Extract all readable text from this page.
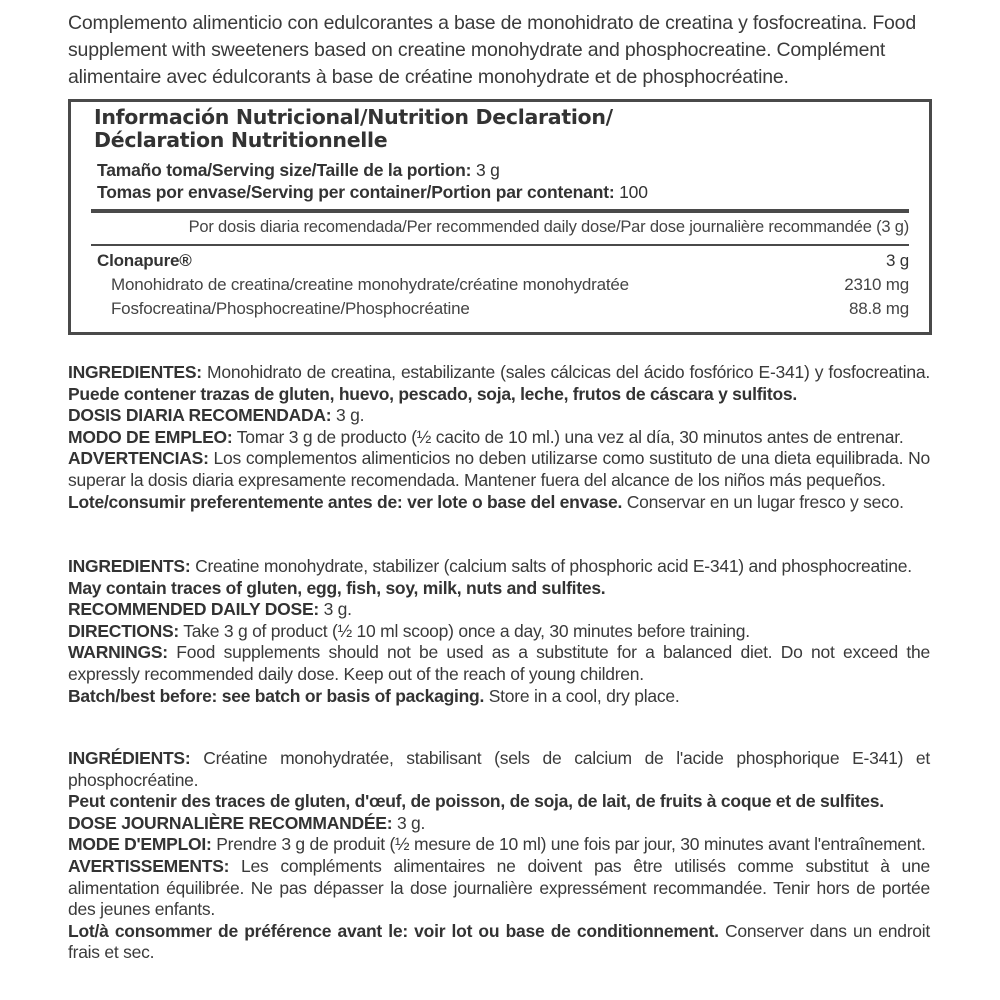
Complemento alimenticio con edulcorantes a base de monohidrato de creatina y fosfocreatina. Food supplement with sweeteners based on creatine monohydrate and phosphocreatine. Complément alimentaire avec édulcorants à base de créatine monohydrate et de phosphocréatine.
Información Nutricional/Nutrition Declaration/
Déclaration Nutritionnelle
Tamaño toma/Serving size/Taille de la portion: 3 g
Tomas por envase/Serving per container/Portion par contenant: 100
Por dosis diaria recomendada/Per recommended daily dose/Par dose journalière recommandée (3 g)
Clonapure®	3 g
Monohidrato de creatina/creatine monohydrate/créatine monohydratée	2310 mg
Fosfocreatina/Phosphocreatine/Phosphocréatine	88.8 mg

INGREDIENTES: Monohidrato de creatina, estabilizante (sales cálcicas del ácido fosfórico E-341) y fosfocreatina. Puede contener trazas de gluten, huevo, pescado, soja, leche, frutos de cáscara y sulfitos.

DOSIS DIARIA RECOMENDADA: 3 g.

MODO DE EMPLEO: Tomar 3 g de producto (½ cacito de 10 ml.) una vez al día, 30 minutos antes de entrenar.

ADVERTENCIAS: Los complementos alimenticios no deben utilizarse como sustituto de una dieta equilibrada. No superar la dosis diaria expresamente recomendada. Mantener fuera del alcance de los niños más pequeños.

Lote/consumir preferentemente antes de: ver lote o base del envase. Conservar en un lugar fresco y seco.

INGREDIENTS: Creatine monohydrate, stabilizer (calcium salts of phosphoric acid E-341) and phosphocreatine.

May contain traces of gluten, egg, fish, soy, milk, nuts and sulfites.

RECOMMENDED DAILY DOSE: 3 g.

DIRECTIONS: Take 3 g of product (½ 10 ml scoop) once a day, 30 minutes before training.

WARNINGS: Food supplements should not be used as a substitute for a balanced diet. Do not exceed the expressly recommended daily dose. Keep out of the reach of young children.

Batch/best before: see batch or basis of packaging. Store in a cool, dry place.

INGRÉDIENTS: Créatine monohydratée, stabilisant (sels de calcium de l'acide phosphorique E-341) et phosphocréatine.

Peut contenir des traces de gluten, d'œuf, de poisson, de soja, de lait, de fruits à coque et de sulfites.

DOSE JOURNALIÈRE RECOMMANDÉE: 3 g.

MODE D'EMPLOI: Prendre 3 g de produit (½ mesure de 10 ml) une fois par jour, 30 minutes avant l'entraînement.

AVERTISSEMENTS: Les compléments alimentaires ne doivent pas être utilisés comme substitut à une alimentation équilibrée. Ne pas dépasser la dose journalière expressément recommandée. Tenir hors de portée des jeunes enfants.

Lot/à consommer de préférence avant le: voir lot ou base de conditionnement. Conserver dans un endroit frais et sec.
